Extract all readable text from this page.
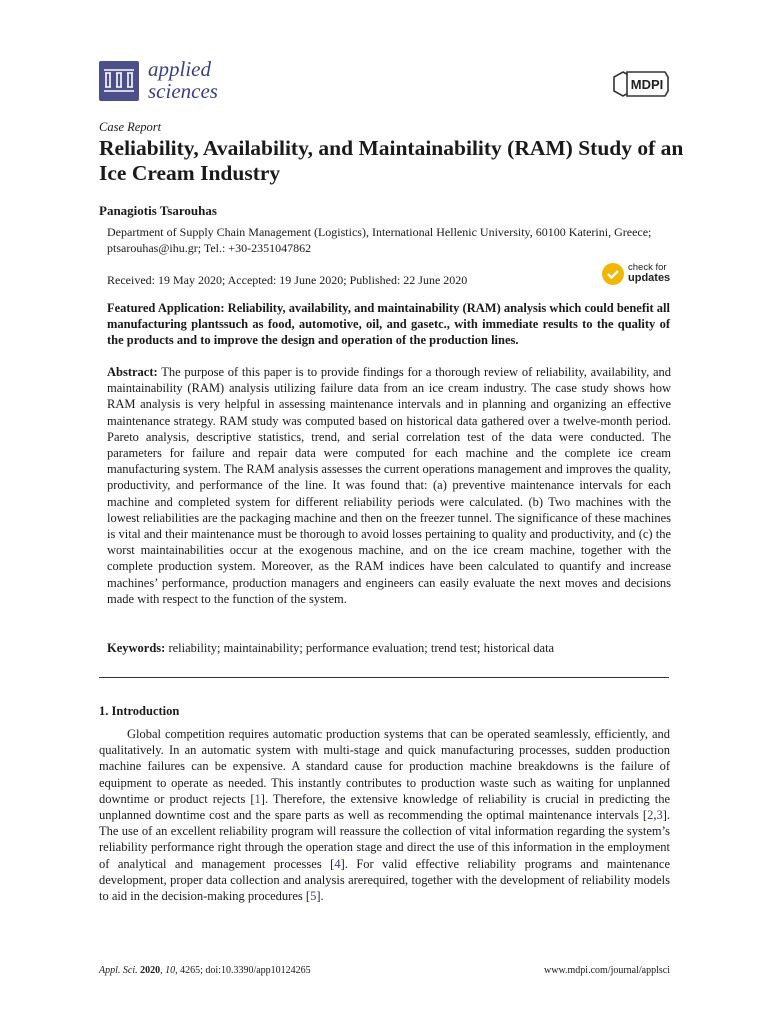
applied
sciences	MDPI
Case Report
Reliability, Availability, and Maintainability (RAM) Study of an Ice Cream Industry
Panagiotis Tsarouhas
Department of Supply Chain Management (Logistics), International Hellenic University, 60100 Katerini, Greece;
ptsarouhas@ihu.gr; Tel.: +30-2351047862
Received: 19 May 2020; Accepted: 19 June 2020; Published: 22 June 2020
check for
updates
Featured Application: Reliability, availability, and maintainability (RAM) analysis which could benefit all manufacturing plantssuch as food, automotive, oil, and gasetc., with immediate results to the quality of the products and to improve the design and operation of the production lines.
Abstract: The purpose of this paper is to provide findings for a thorough review of reliability, availability, and maintainability (RAM) analysis utilizing failure data from an ice cream industry. The case study shows how RAM analysis is very helpful in assessing maintenance intervals and in planning and organizing an effective maintenance strategy. RAM study was computed based on historical data gathered over a twelve-month period. Pareto analysis, descriptive statistics, trend, and serial correlation test of the data were conducted. The parameters for failure and repair data were computed for each machine and the complete ice cream manufacturing system. The RAM analysis assesses the current operations management and improves the quality, productivity, and performance of the line. It was found that: (a) preventive maintenance intervals for each machine and completed system for different reliability periods were calculated. (b) Two machines with the lowest reliabilities are the packaging machine and then on the freezer tunnel. The significance of these machines is vital and their maintenance must be thorough to avoid losses pertaining to quality and productivity, and (c) the worst maintainabilities occur at the exogenous machine, and on the ice cream machine, together with the complete production system. Moreover, as the RAM indices have been calculated to quantify and increase machines’ performance, production managers and engineers can easily evaluate the next moves and decisions made with respect to the function of the system.
Keywords: reliability; maintainability; performance evaluation; trend test; historical data
1. Introduction
Global competition requires automatic production systems that can be operated seamlessly, efficiently, and qualitatively. In an automatic system with multi-stage and quick manufacturing processes, sudden production machine failures can be expensive. A standard cause for production machine breakdowns is the failure of equipment to operate as needed. This instantly contributes to production waste such as waiting for unplanned downtime or product rejects [1]. Therefore, the extensive knowledge of reliability is crucial in predicting the unplanned downtime cost and the spare parts as well as recommending the optimal maintenance intervals [2,3]. The use of an excellent reliability program will reassure the collection of vital information regarding the system’s reliability performance right through the operation stage and direct the use of this information in the employment of analytical and management processes [4]. For valid effective reliability programs and maintenance development, proper data collection and analysis arerequired, together with the development of reliability models to aid in the decision-making procedures [5].
Appl. Sci. 2020, 10, 4265; doi:10.3390/app10124265	www.mdpi.com/journal/applsci
